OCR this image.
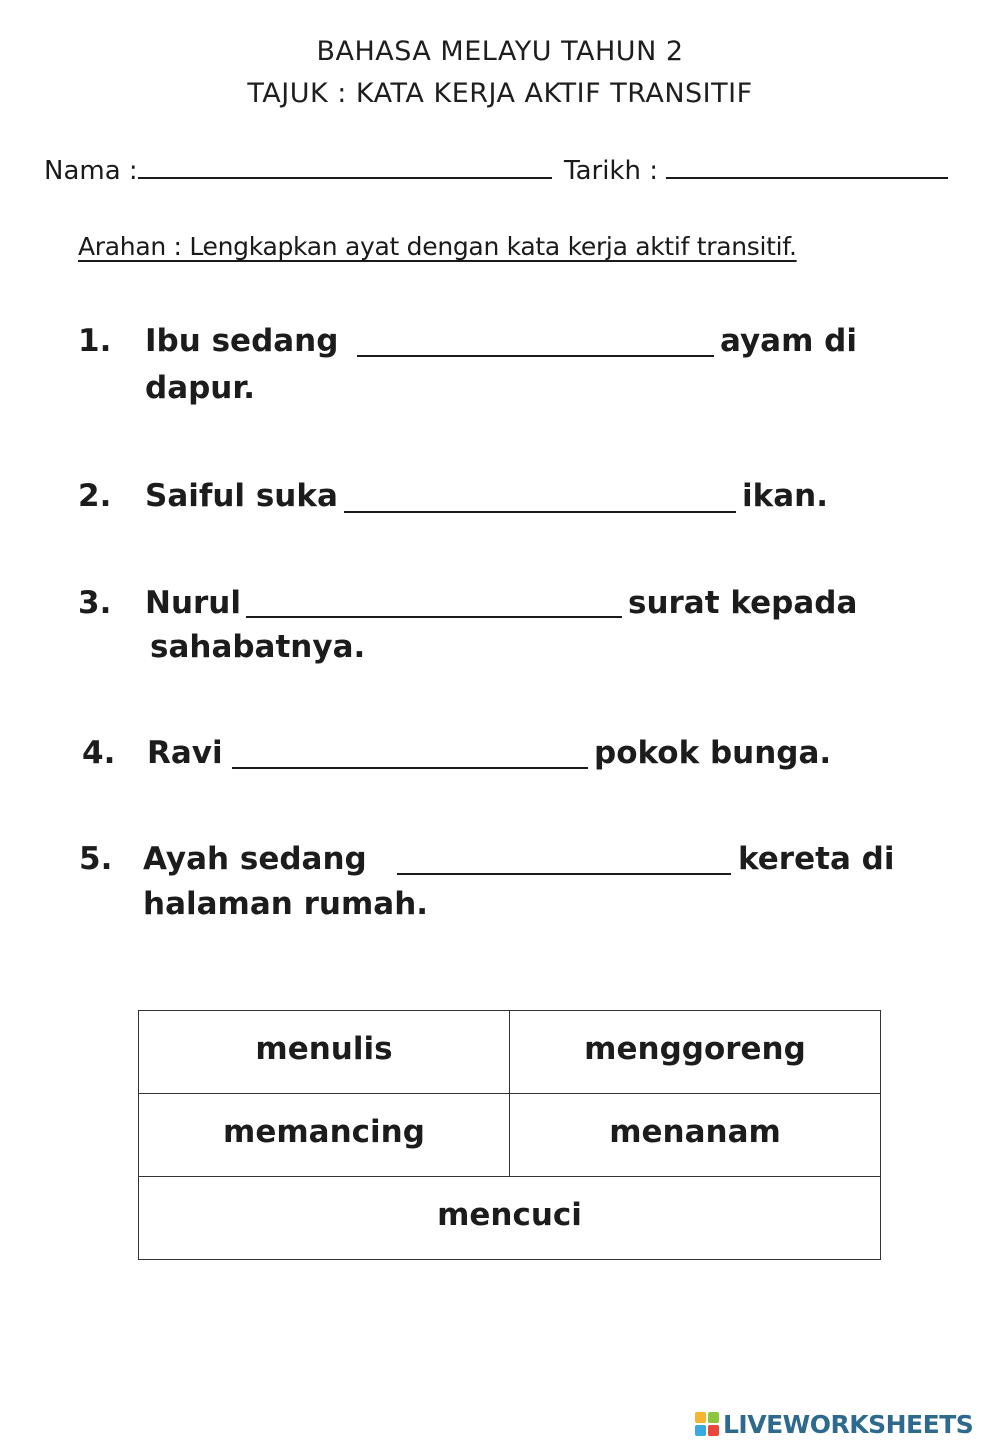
BAHASA MELAYU TAHUN 2
TAJUK : KATA KERJA AKTIF TRANSITIF
Nama :	Tarikh :
Arahan : Lengkapkan ayat dengan kata kerja aktif transitif.
1. Ibu sedang	ayam di
dapur.
2. Saiful suka	ikan.
3. Nurul	surat kepada
sahabatnya.
4. Ravi	pokok bunga.
5. Ayah sedang	kereta di
halaman rumah.
menulis	menggoreng
memancing	menanam
mencuci	
LIVEWORKSHEETS
